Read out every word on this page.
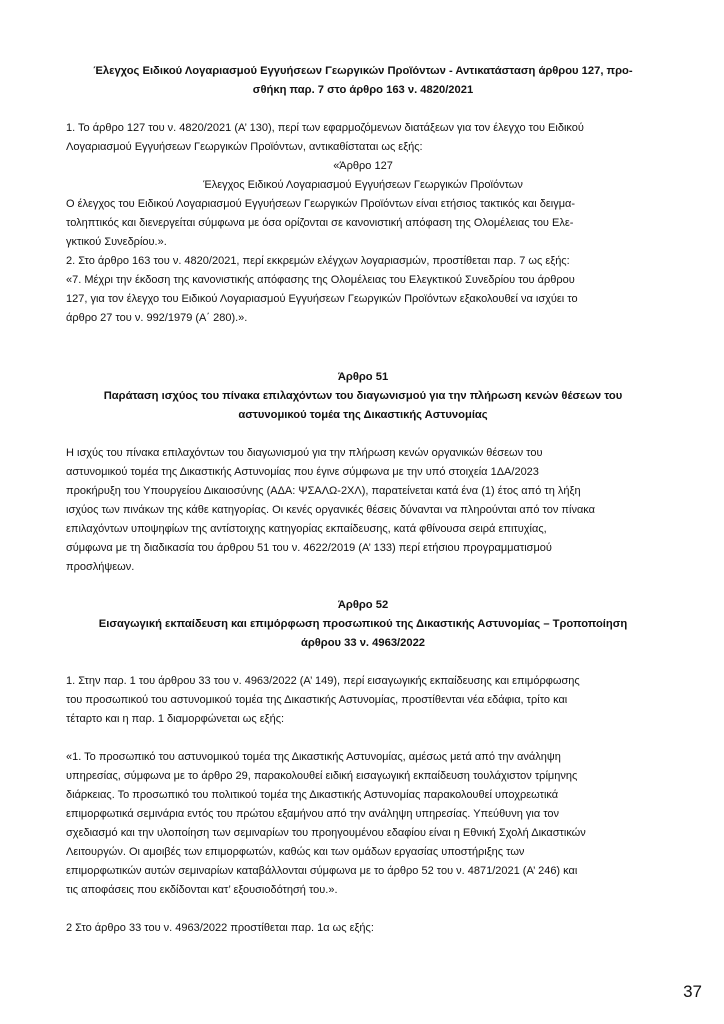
Έλεγχος Ειδικού Λογαριασμού Εγγυήσεων Γεωργικών Προϊόντων - Αντικατάσταση άρθρου 127, προ-

σθήκη παρ. 7 στο άρθρο 163 ν. 4820/2021

1. Το άρθρο 127 του ν. 4820/2021 (Α’ 130), περί των εφαρμοζόμενων διατάξεων για τον έλεγχο του Ειδικού

Λογαριασμού Εγγυήσεων Γεωργικών Προϊόντων, αντικαθίσταται ως εξής:

«Άρθρο 127

Έλεγχος Ειδικού Λογαριασμού Εγγυήσεων Γεωργικών Προϊόντων

Ο έλεγχος του Ειδικού Λογαριασμού Εγγυήσεων Γεωργικών Προϊόντων είναι ετήσιος τακτικός και δειγμα-

τοληπτικός και διενεργείται σύμφωνα με όσα ορίζονται σε κανονιστική απόφαση της Ολομέλειας του Ελε-

γκτικού Συνεδρίου.».

2. Στο άρθρο 163 του ν. 4820/2021, περί εκκρεμών ελέγχων λογαριασμών, προστίθεται παρ. 7 ως εξής:

«7. Μέχρι την έκδοση της κανονιστικής απόφασης της Ολομέλειας του Ελεγκτικού Συνεδρίου του άρθρου

127, για τον έλεγχο του Ειδικού Λογαριασμού Εγγυήσεων Γεωργικών Προϊόντων εξακολουθεί να ισχύει το

άρθρο 27 του ν. 992/1979 (Α΄ 280).».

Άρθρο 51

Παράταση ισχύος του πίνακα επιλαχόντων του διαγωνισμού για την πλήρωση κενών θέσεων του

αστυνομικού τομέα της Δικαστικής Αστυνομίας

Η ισχύς του πίνακα επιλαχόντων του διαγωνισμού για την πλήρωση κενών οργανικών θέσεων του

αστυνομικού τομέα της Δικαστικής Αστυνομίας που έγινε σύμφωνα με την υπό στοιχεία 1ΔΑ/2023

προκήρυξη του Υπουργείου Δικαιοσύνης (ΑΔΑ: ΨΣΑΛΩ-2ΧΛ), παρατείνεται κατά ένα (1) έτος από τη λήξη

ισχύος των πινάκων της κάθε κατηγορίας. Οι κενές οργανικές θέσεις δύνανται να πληρούνται από τον πίνακα

επιλαχόντων υποψηφίων της αντίστοιχης κατηγορίας εκπαίδευσης, κατά φθίνουσα σειρά επιτυχίας,

σύμφωνα με τη διαδικασία του άρθρου 51 του ν. 4622/2019 (Α’ 133) περί ετήσιου προγραμματισμού

προσλήψεων.

Άρθρο 52

Εισαγωγική εκπαίδευση και επιμόρφωση προσωπικού της Δικαστικής Αστυνομίας – Τροποποίηση

άρθρου 33 ν. 4963/2022

1. Στην παρ. 1 του άρθρου 33 του ν. 4963/2022 (Α’ 149), περί εισαγωγικής εκπαίδευσης και επιμόρφωσης

του προσωπικού του αστυνομικού τομέα της Δικαστικής Αστυνομίας, προστίθενται νέα εδάφια, τρίτο και

τέταρτο και η παρ. 1 διαμορφώνεται ως εξής:

«1. Το προσωπικό του αστυνομικού τομέα της Δικαστικής Αστυνομίας, αμέσως μετά από την ανάληψη

υπηρεσίας, σύμφωνα με το άρθρο 29, παρακολουθεί ειδική εισαγωγική εκπαίδευση τουλάχιστον τρίμηνης

διάρκειας. Το προσωπικό του πολιτικού τομέα της Δικαστικής Αστυνομίας παρακολουθεί υποχρεωτικά

επιμορφωτικά σεμινάρια εντός του πρώτου εξαμήνου από την ανάληψη υπηρεσίας. Υπεύθυνη για τον

σχεδιασμό και την υλοποίηση των σεμιναρίων του προηγουμένου εδαφίου είναι η Εθνική Σχολή Δικαστικών

Λειτουργών. Οι αμοιβές των επιμορφωτών, καθώς και των ομάδων εργασίας υποστήριξης των

επιμορφωτικών αυτών σεμιναρίων καταβάλλονται σύμφωνα με το άρθρο 52 του ν. 4871/2021 (Α’ 246) και

τις αποφάσεις που εκδίδονται κατ’ εξουσιοδότησή του.».

2 Στο άρθρο 33 του ν. 4963/2022 προστίθεται παρ. 1α ως εξής:

37
